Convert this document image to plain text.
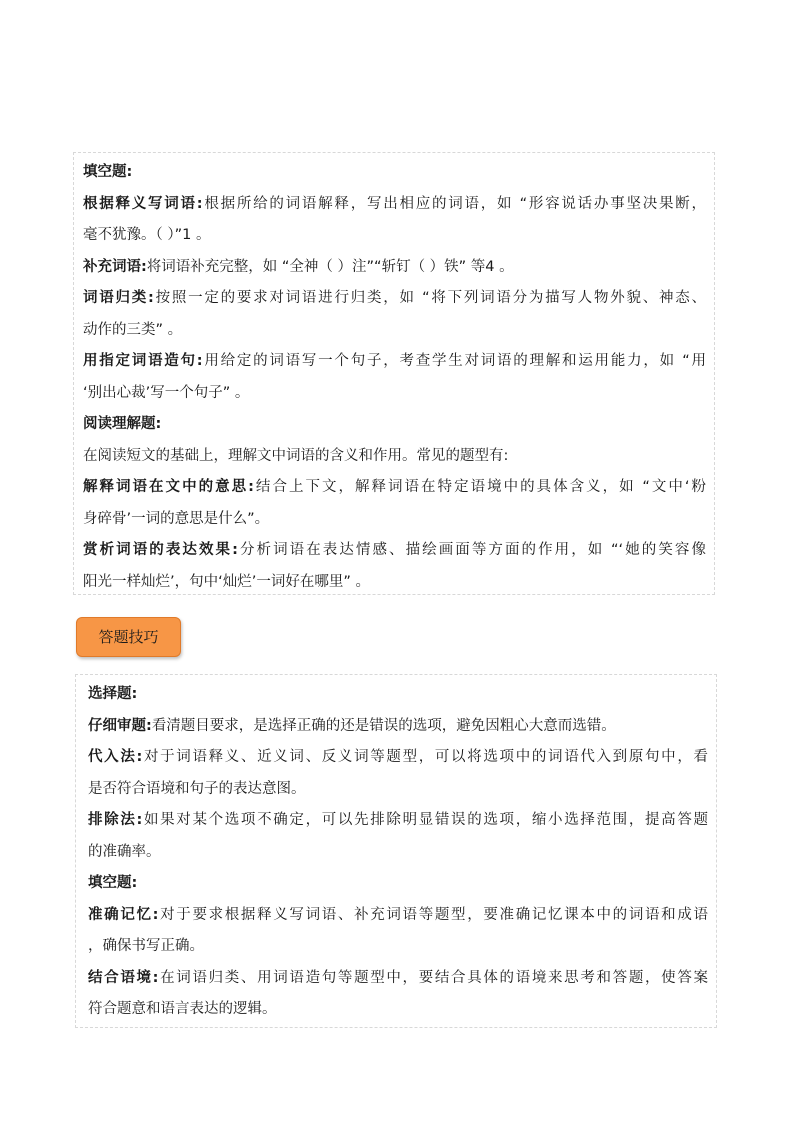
填空题:
根据释义写词语:根据所给的词语解释，写出相应的词语，如 “形容说话办事坚决果断，
毫不犹豫。（ ）”1 。
补充词语:将词语补充完整，如 “全神（ ）注”“斩钉（ ）铁” 等4 。
词语归类:按照一定的要求对词语进行归类，如 “将下列词语分为描写人物外貌、神态、
动作的三类” 。
用指定词语造句:用给定的词语写一个句子，考查学生对词语的理解和运用能力，如 “用
‘别出心裁’写一个句子” 。
阅读理解题:
在阅读短文的基础上，理解文中词语的含义和作用。常见的题型有:
解释词语在文中的意思:结合上下文，解释词语在特定语境中的具体含义，如 “文中‘粉
身碎骨’一词的意思是什么”。
赏析词语的表达效果:分析词语在表达情感、描绘画面等方面的作用，如 “‘她的笑容像
阳光一样灿烂’，句中‘灿烂’一词好在哪里” 。
答题技巧
选择题:
仔细审题:看清题目要求，是选择正确的还是错误的选项，避免因粗心大意而选错。
代入法:对于词语释义、近义词、反义词等题型，可以将选项中的词语代入到原句中，看
是否符合语境和句子的表达意图。
排除法:如果对某个选项不确定，可以先排除明显错误的选项，缩小选择范围，提高答题
的准确率。
填空题:
准确记忆:对于要求根据释义写词语、补充词语等题型，要准确记忆课本中的词语和成语
，确保书写正确。
结合语境:在词语归类、用词语造句等题型中，要结合具体的语境来思考和答题，使答案
符合题意和语言表达的逻辑。
